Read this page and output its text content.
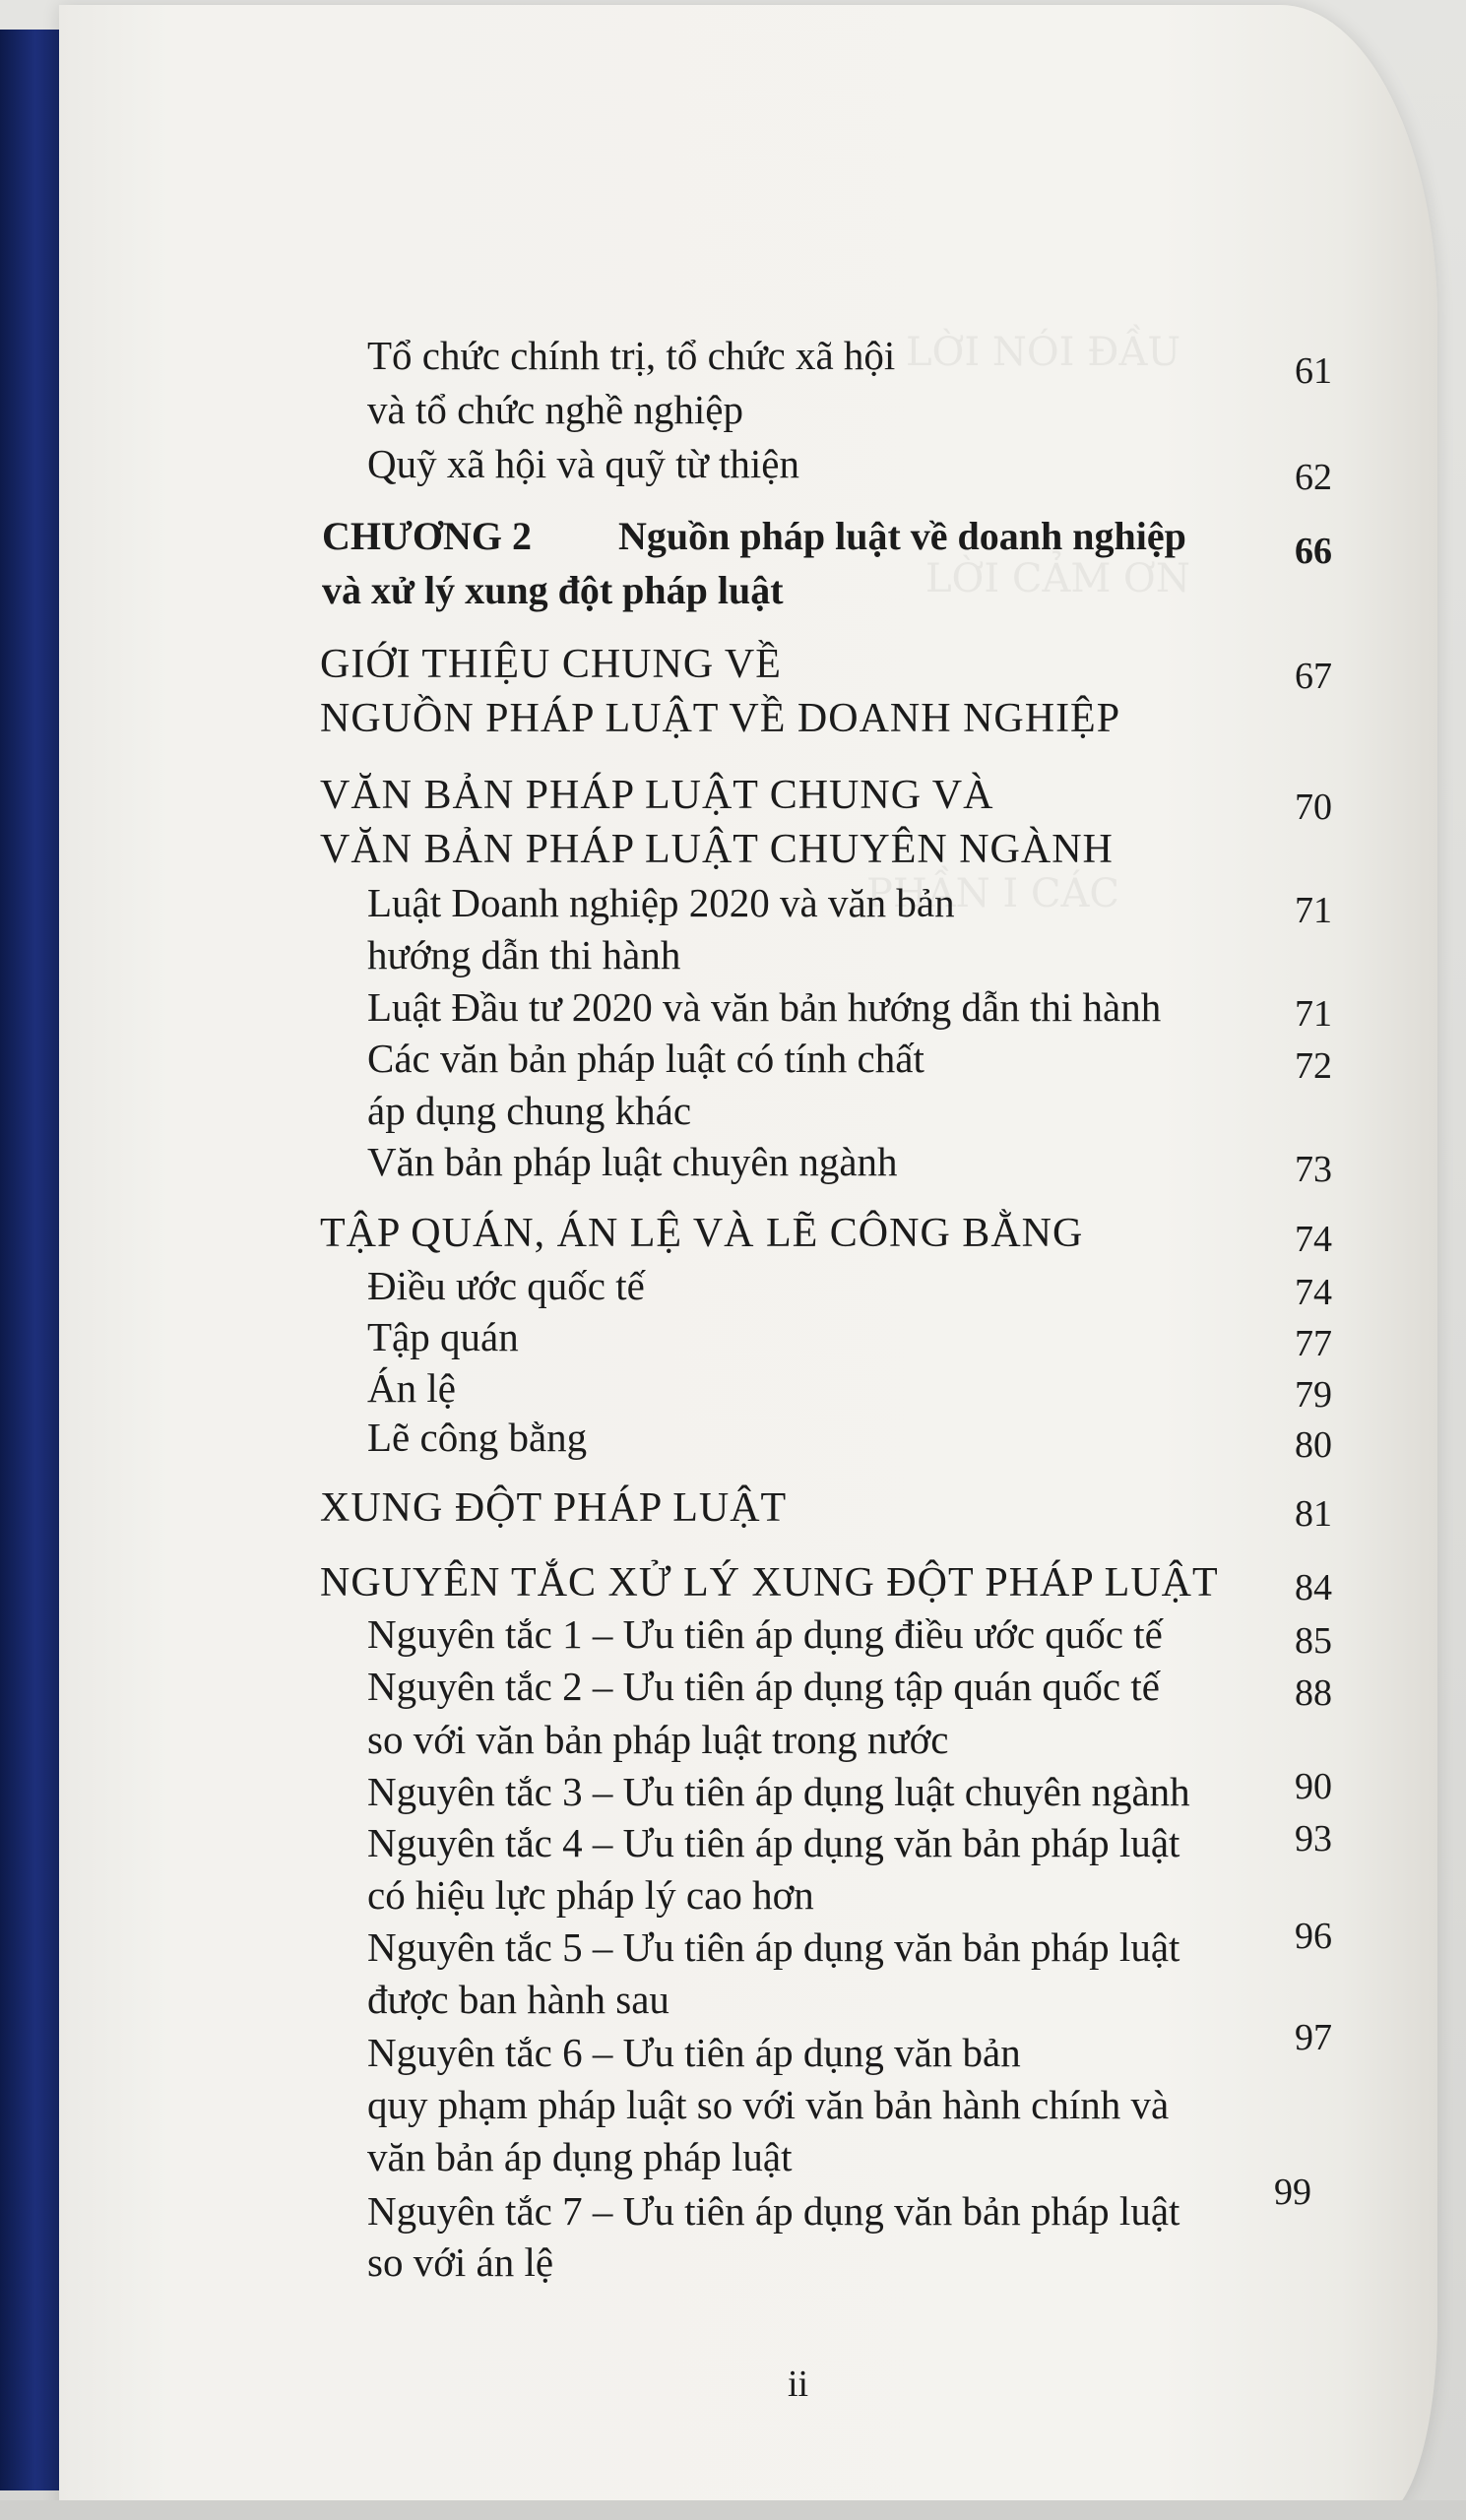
LỜI NÓI ĐẦU
LỜI CẢM ƠN
PHẦN I CÁC
Tổ chức chính trị, tổ chức xã hội
và tổ chức nghề nghiệp
61
Quỹ xã hội và quỹ từ thiện	62
CHƯƠNG 2 Nguồn pháp luật về doanh nghiệp
và xử lý xung đột pháp luật
66
GIỚI THIỆU CHUNG VỀ
NGUỒN PHÁP LUẬT VỀ DOANH NGHIỆP
67
VĂN BẢN PHÁP LUẬT CHUNG VÀ
VĂN BẢN PHÁP LUẬT CHUYÊN NGÀNH
70
Luật Doanh nghiệp 2020 và văn bản
hướng dẫn thi hành
71
Luật Đầu tư 2020 và văn bản hướng dẫn thi hành	71
Các văn bản pháp luật có tính chất
áp dụng chung khác
72
Văn bản pháp luật chuyên ngành	73
TẬP QUÁN, ÁN LỆ VÀ LẼ CÔNG BẰNG	74
Điều ước quốc tế	74
Tập quán	77
Án lệ	79
Lẽ công bằng	80
XUNG ĐỘT PHÁP LUẬT	81
NGUYÊN TẮC XỬ LÝ XUNG ĐỘT PHÁP LUẬT	84
Nguyên tắc 1 – Ưu tiên áp dụng điều ước quốc tế	85
Nguyên tắc 2 – Ưu tiên áp dụng tập quán quốc tế
so với văn bản pháp luật trong nước
88
Nguyên tắc 3 – Ưu tiên áp dụng luật chuyên ngành	90
Nguyên tắc 4 – Ưu tiên áp dụng văn bản pháp luật
có hiệu lực pháp lý cao hơn
93
Nguyên tắc 5 – Ưu tiên áp dụng văn bản pháp luật
được ban hành sau
96
Nguyên tắc 6 – Ưu tiên áp dụng văn bản
quy phạm pháp luật so với văn bản hành chính và
văn bản áp dụng pháp luật
97
Nguyên tắc 7 – Ưu tiên áp dụng văn bản pháp luật
so với án lệ
99
ii
